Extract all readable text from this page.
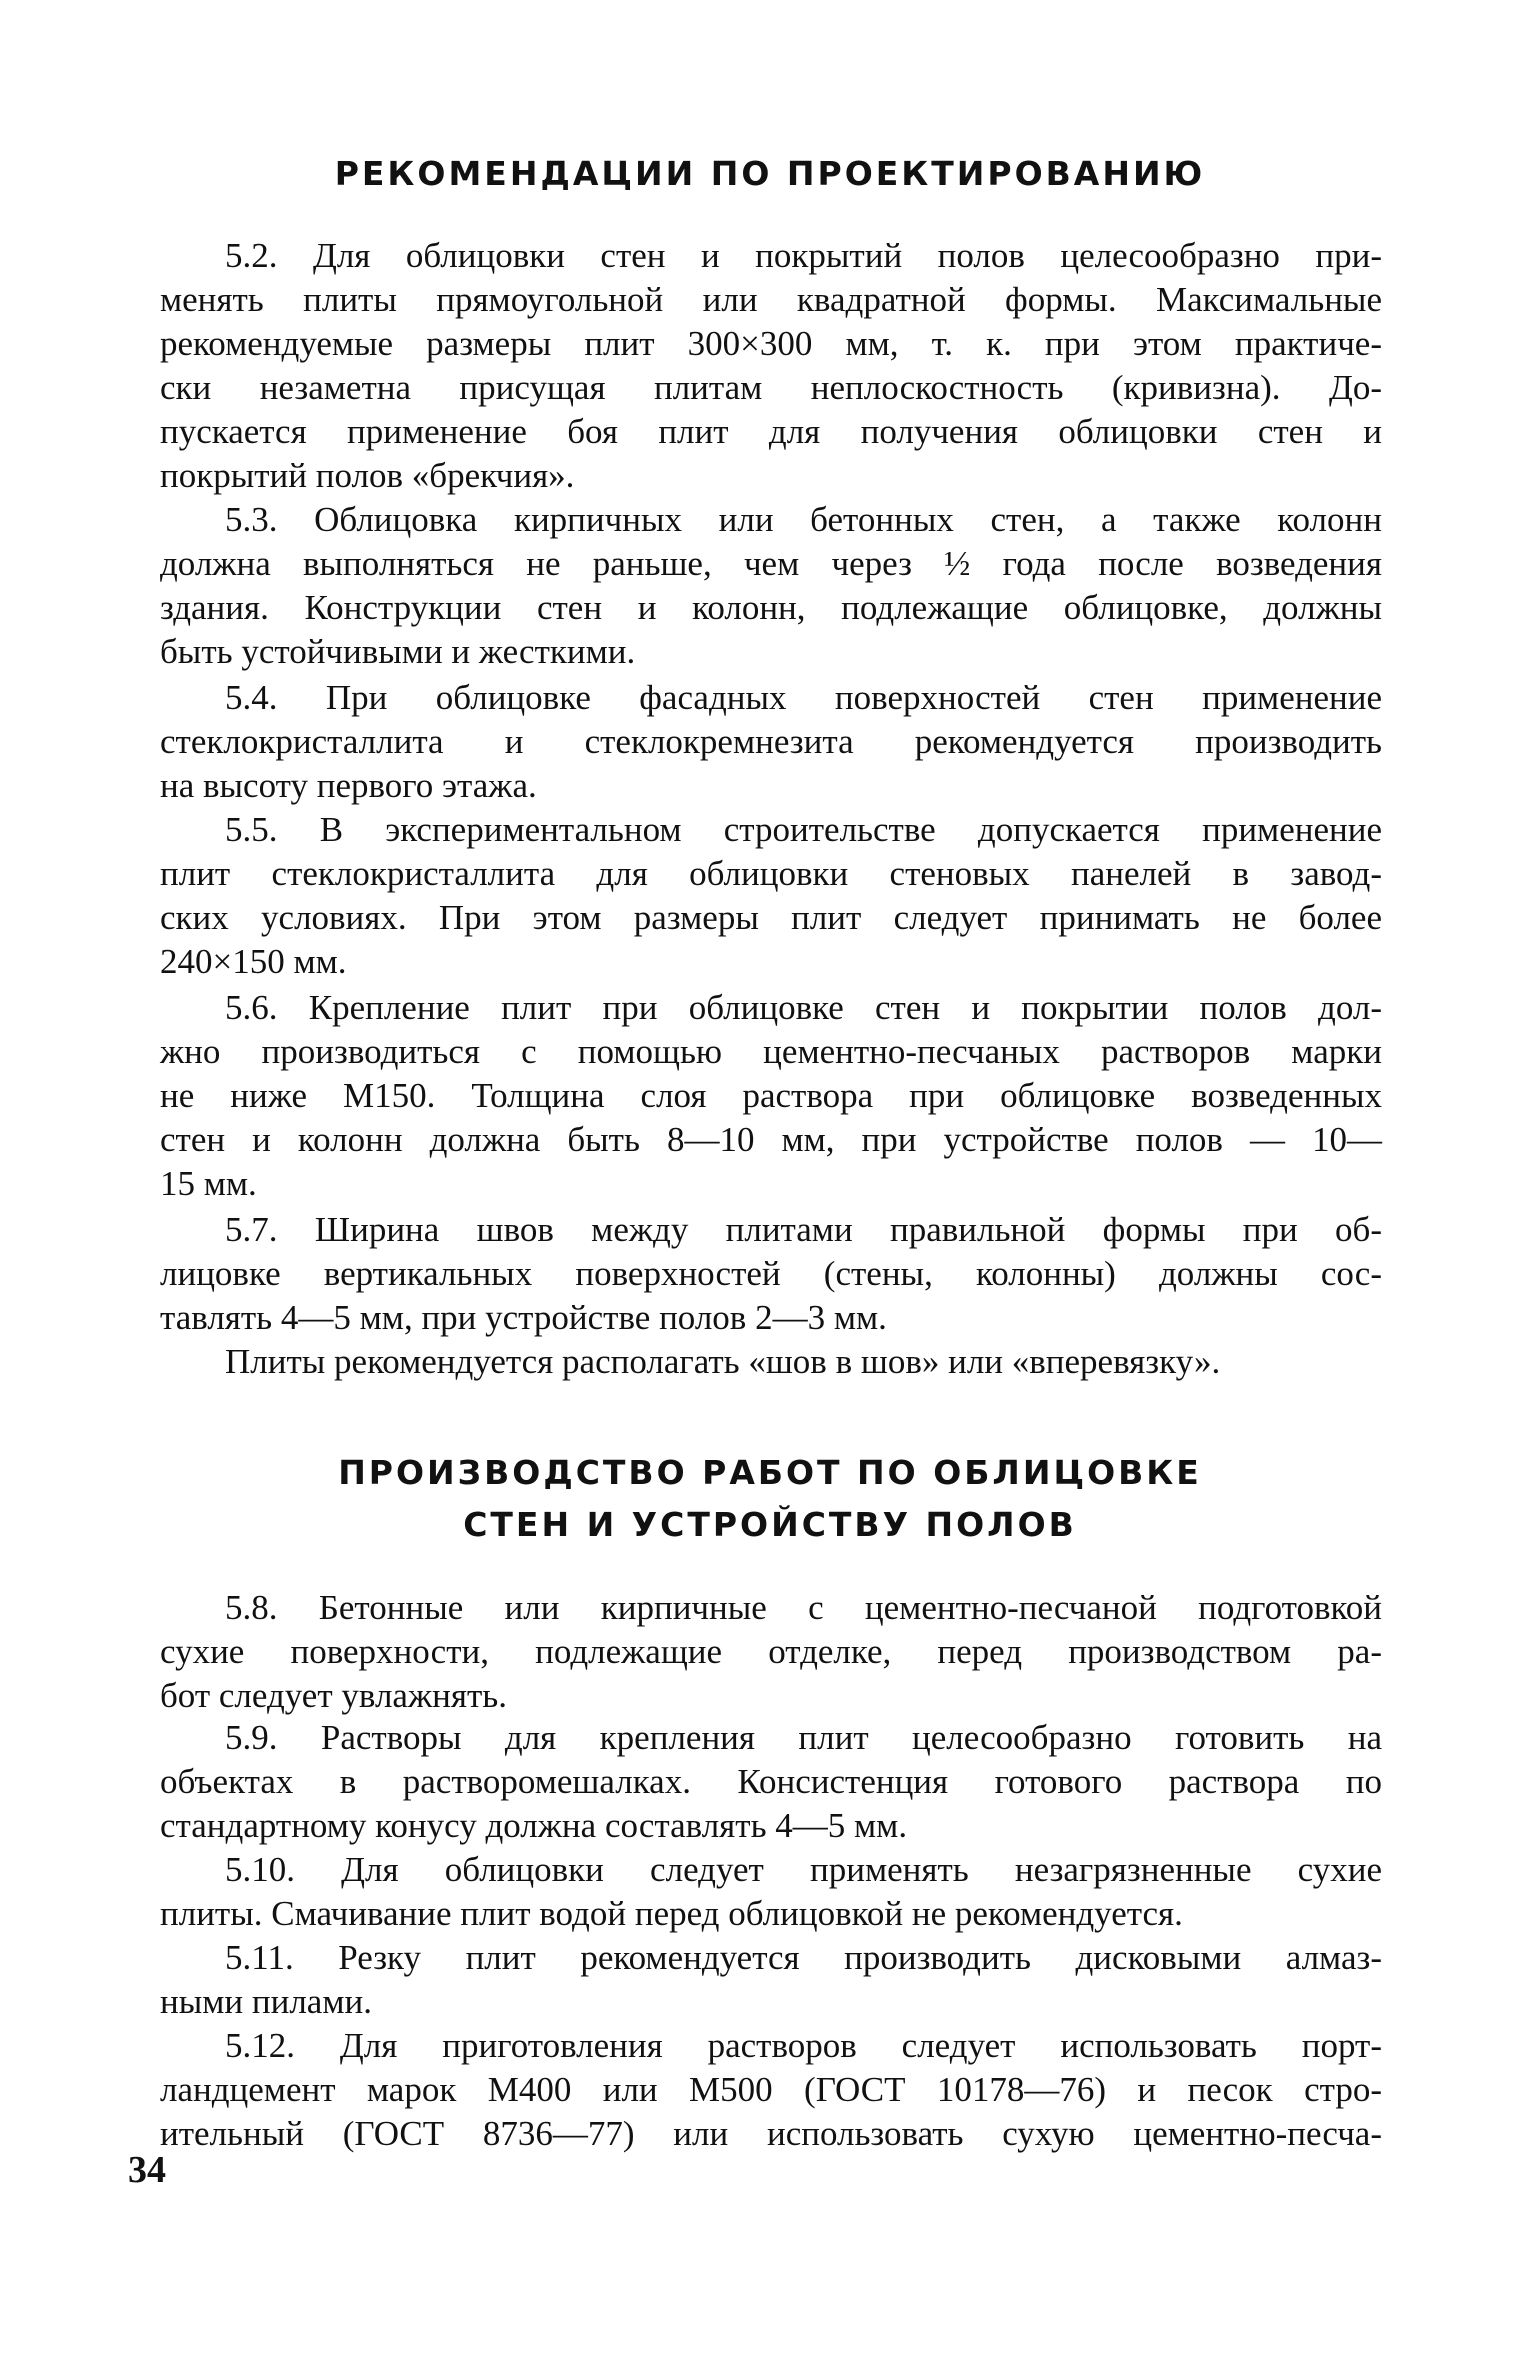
РЕКОМЕНДАЦИИ ПО ПРОЕКТИРОВАНИЮ

5.2. Для облицовки стен и покрытий полов целесообразно при-
менять плиты прямоугольной или квадратной формы. Максимальные
рекомендуемые размеры плит 300×300 мм, т. к. при этом практиче-
ски незаметна присущая плитам неплоскостность (кривизна). До-
пускается применение боя плит для получения облицовки стен и
покрытий полов «брекчия».

5.3. Облицовка кирпичных или бетонных стен, а также колонн
должна выполняться не раньше, чем через ½ года после возведения
здания. Конструкции стен и колонн, подлежащие облицовке, должны
быть устойчивыми и жесткими.

5.4. При облицовке фасадных поверхностей стен применение
стеклокристаллита и стеклокремнезита рекомендуется производить
на высоту первого этажа.

5.5. В экспериментальном строительстве допускается применение
плит стеклокристаллита для облицовки стеновых панелей в завод-
ских условиях. При этом размеры плит следует принимать не более
240×150 мм.

5.6. Крепление плит при облицовке стен и покрытии полов дол-
жно производиться с помощью цементно-песчаных растворов марки
не ниже М150. Толщина слоя раствора при облицовке возведенных
стен и колонн должна быть 8—10 мм, при устройстве полов — 10—
15 мм.

5.7. Ширина швов между плитами правильной формы при об-
лицовке вертикальных поверхностей (стены, колонны) должны сос-
тавлять 4—5 мм, при устройстве полов 2—3 мм.

Плиты рекомендуется располагать «шов в шов» или «вперевязку».

ПРОИЗВОДСТВО РАБОТ ПО ОБЛИЦОВКЕ
СТЕН И УСТРОЙСТВУ ПОЛОВ

5.8. Бетонные или кирпичные с цементно-песчаной подготовкой
сухие поверхности, подлежащие отделке, перед производством ра-
бот следует увлажнять.

5.9. Растворы для крепления плит целесообразно готовить на
объектах в растворомешалках. Консистенция готового раствора по
стандартному конусу должна составлять 4—5 мм.

5.10. Для облицовки следует применять незагрязненные сухие
плиты. Смачивание плит водой перед облицовкой не рекомендуется.

5.11. Резку плит рекомендуется производить дисковыми алмаз-
ными пилами.

5.12. Для приготовления растворов следует использовать порт-
ландцемент марок М400 или М500 (ГОСТ 10178—76) и песок стро-
ительный (ГОСТ 8736—77) или использовать сухую цементно-песча-

34
